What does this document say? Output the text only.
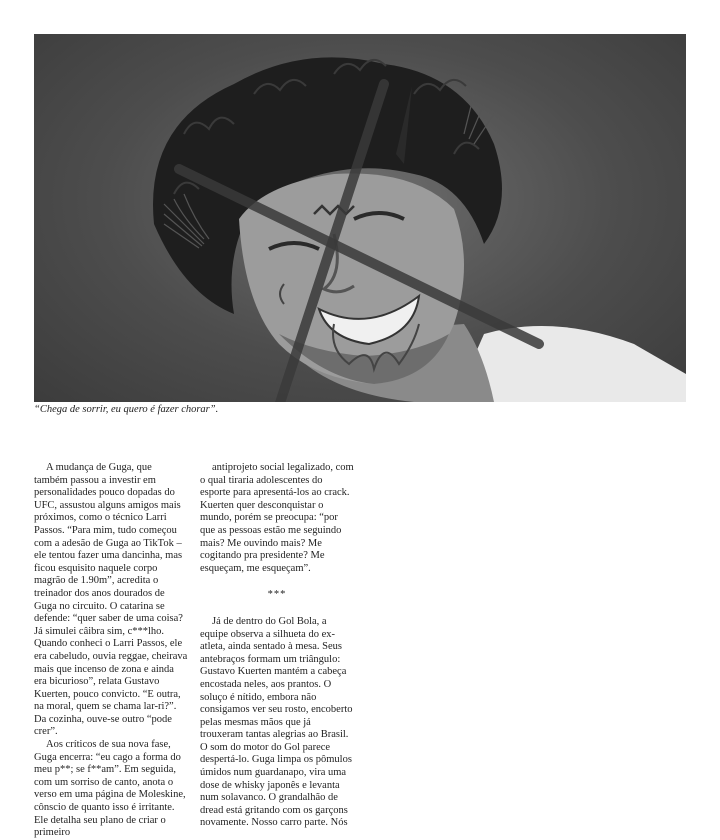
“Chega de sorrir, eu quero é fazer chorar”.

A mudança de Guga, que também passou a investir em personalidades pouco dopadas do UFC, assustou alguns amigos mais próximos, como o técnico Larri Passos. “Para mim, tudo começou com a adesão de Guga ao TikTok – ele tentou fazer uma dancinha, mas ficou esquisito naquele corpo magrão de 1.90m”, acredita o treinador dos anos dourados de Guga no circuito. O catarina se defende: “quer saber de uma coisa? Já simulei câibra sim, c***lho. Quando conheci o Larri Passos, ele era cabeludo, ouvia reggae, cheirava mais que incenso de zona e ainda era bicurioso”, relata Gustavo Kuerten, pouco convicto. “E outra, na moral, quem se chama lar-ri?”. Da cozinha, ouve-se outro “pode crer”.

Aos críticos de sua nova fase, Guga encerra: “eu cago a forma do meu p**; se f**am”. Em seguida, com um sorriso de canto, anota o verso em uma página de Moleskine, cônscio de quanto isso é irritante. Ele detalha seu plano de criar o primeiro

antiprojeto social legalizado, com o qual tiraria adolescentes do esporte para apresentá-los ao crack. Kuerten quer desconquistar o mundo, porém se preocupa: “por que as pessoas estão me seguindo mais? Me ouvindo mais? Me cogitando pra presidente? Me esqueçam, me esqueçam”.

***

Já de dentro do Gol Bola, a equipe observa a silhueta do ex-atleta, ainda sentado à mesa. Seus antebraços formam um triângulo: Gustavo Kuerten mantém a cabeça encostada neles, aos prantos. O soluço é nítido, embora não consigamos ver seu rosto, encoberto pelas mesmas mãos que já trouxeram tantas alegrias ao Brasil. O som do motor do Gol parece despertá-lo. Guga limpa os pômulos úmidos num guardanapo, vira uma dose de whisky japonês e levanta num solavanco. O grandalhão de dread está gritando com os garçons novamente. Nosso carro parte. Nós
